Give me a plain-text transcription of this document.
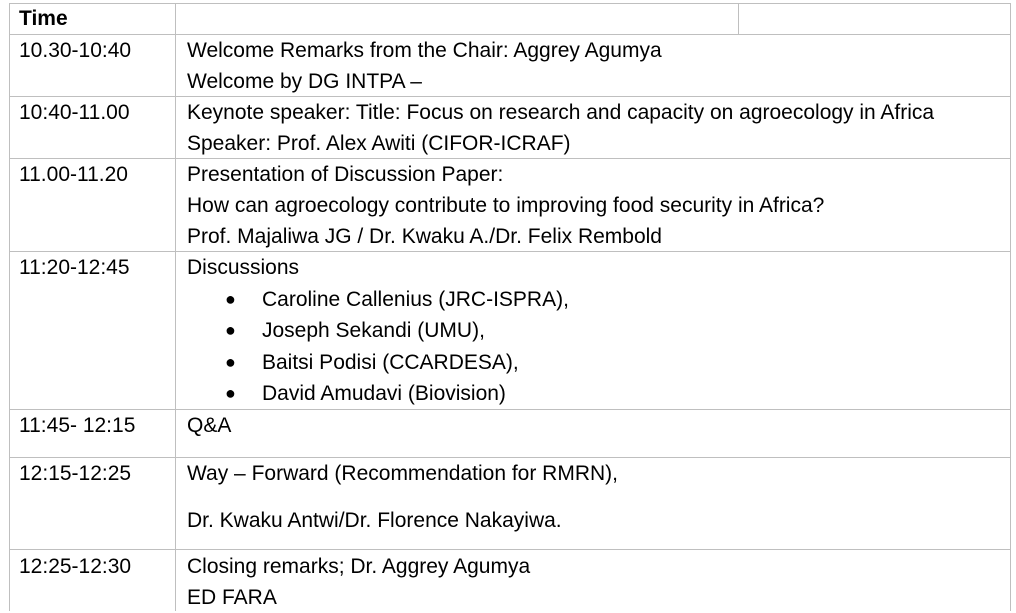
Time
10.30-10:40	Welcome Remarks from the Chair: Aggrey Agumya
Welcome by DG INTPA –
10:40-11.00	Keynote speaker: Title: Focus on research and capacity on agroecology in Africa
Speaker: Prof. Alex Awiti (CIFOR-ICRAF)
11.00-11.20	Presentation of Discussion Paper:
How can agroecology contribute to improving food security in Africa?
Prof. Majaliwa JG / Dr. Kwaku A./Dr. Felix Rembold
11:20-12:45	Discussions
● Caroline Callenius (JRC-ISPRA),
● Joseph Sekandi (UMU),
● Baitsi Podisi (CCARDESA),
● David Amudavi (Biovision)
11:45- 12:15 Q&A
12:15-12:25	Way – Forward (Recommendation for RMRN),
Dr. Kwaku Antwi/Dr. Florence Nakayiwa.
12:25-12:30	Closing remarks; Dr. Aggrey Agumya
ED FARA
